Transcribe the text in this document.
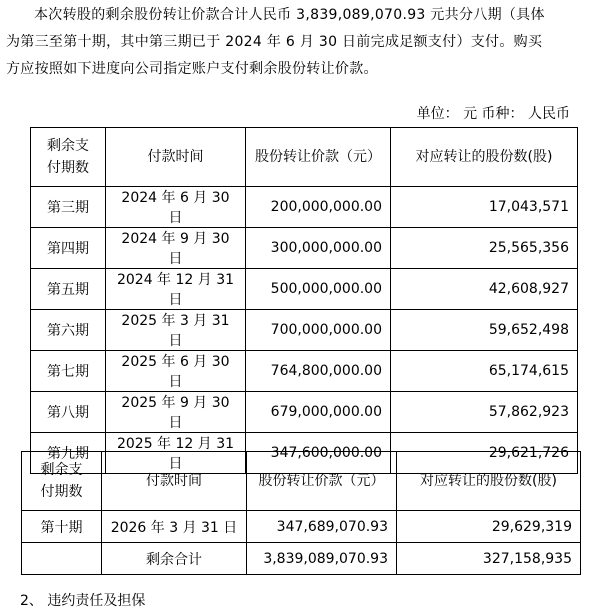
本次转股的剩余股份转让价款合计人民币 3,839,089,070.93 元共分八期（具体
为第三至第十期，其中第三期已于 2024 年 6 月 30 日前完成足额支付）支付。购买
方应按照如下进度向公司指定账户支付剩余股份转让价款。
单位： 元 币种： 人民币
剩余支付期数	付款时间	股份转让价款（元）	对应转让的股份数(股)
第三期	2024 年 6 月 30 日	200,000,000.00	17,043,571
第四期	2024 年 9 月 30 日	300,000,000.00	25,565,356
第五期	2024 年 12 月 31 日	500,000,000.00	42,608,927
第六期	2025 年 3 月 31 日	700,000,000.00	59,652,498
第七期	2025 年 6 月 30 日	764,800,000.00	65,174,615
第八期	2025 年 9 月 30 日	679,000,000.00	57,862,923
第九期	2025 年 12 月 31 日	347,600,000.00	29,621,726
剩余支付期数	付款时间	股份转让价款（元）	对应转让的股份数(股)
第十期	2026 年 3 月 31 日	347,689,070.93	29,629,319
	剩余合计	3,839,089,070.93	327,158,935
2、 违约责任及担保
